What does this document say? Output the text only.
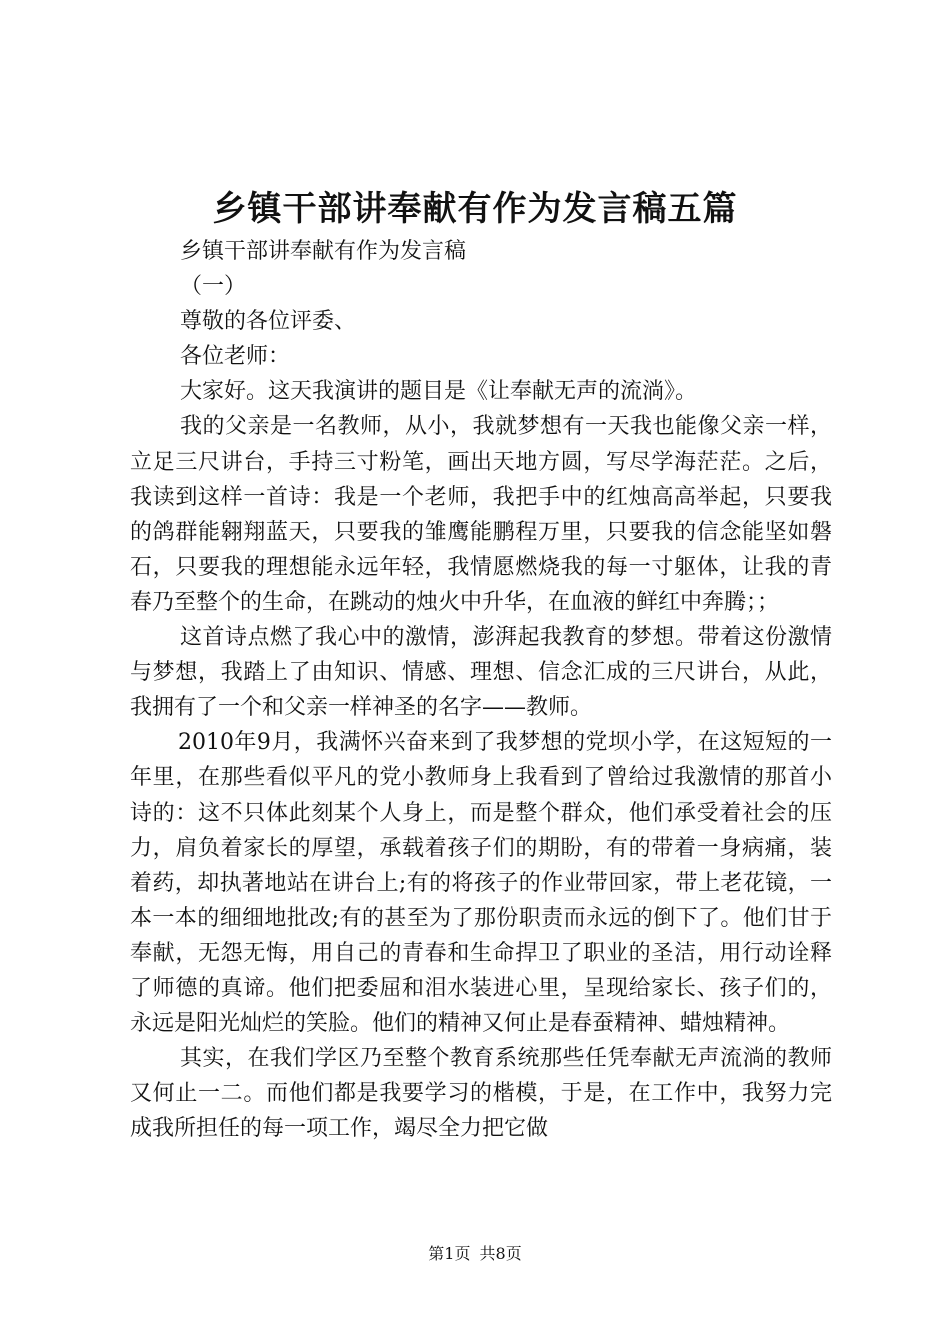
乡镇干部讲奉献有作为发言稿五篇

乡镇干部讲奉献有作为发言稿

（一）

尊敬的各位评委、

各位老师：

大家好。这天我演讲的题目是《让奉献无声的流淌》。

我的父亲是一名教师，从小，我就梦想有一天我也能像父亲一样，立足三尺讲台，手持三寸粉笔，画出天地方圆，写尽学海茫茫。之后，我读到这样一首诗：我是一个老师，我把手中的红烛高高举起，只要我的鸽群能翱翔蓝天，只要我的雏鹰能鹏程万里，只要我的信念能坚如磐石，只要我的理想能永远年轻，我情愿燃烧我的每一寸躯体，让我的青春乃至整个的生命，在跳动的烛火中升华，在血液的鲜红中奔腾；；

这首诗点燃了我心中的激情，澎湃起我教育的梦想。带着这份激情与梦想，我踏上了由知识、情感、理想、信念汇成的三尺讲台，从此，我拥有了一个和父亲一样神圣的名字——教师。

2010年9月，我满怀兴奋来到了我梦想的党坝小学，在这短短的一年里，在那些看似平凡的党小教师身上我看到了曾给过我激情的那首小诗的：这不只体此刻某个人身上，而是整个群众，他们承受着社会的压力，肩负着家长的厚望，承载着孩子们的期盼，有的带着一身病痛，装着药，却执著地站在讲台上;有的将孩子的作业带回家，带上老花镜，一本一本的细细地批改;有的甚至为了那份职责而永远的倒下了。他们甘于奉献，无怨无悔，用自己的青春和生命捍卫了职业的圣洁，用行动诠释了师德的真谛。他们把委屈和泪水装进心里，呈现给家长、孩子们的，永远是阳光灿烂的笑脸。他们的精神又何止是春蚕精神、蜡烛精神。

其实，在我们学区乃至整个教育系统那些任凭奉献无声流淌的教师又何止一二。而他们都是我要学习的楷模，于是，在工作中，我努力完成我所担任的每一项工作，竭尽全力把它做

第1页 共8页
